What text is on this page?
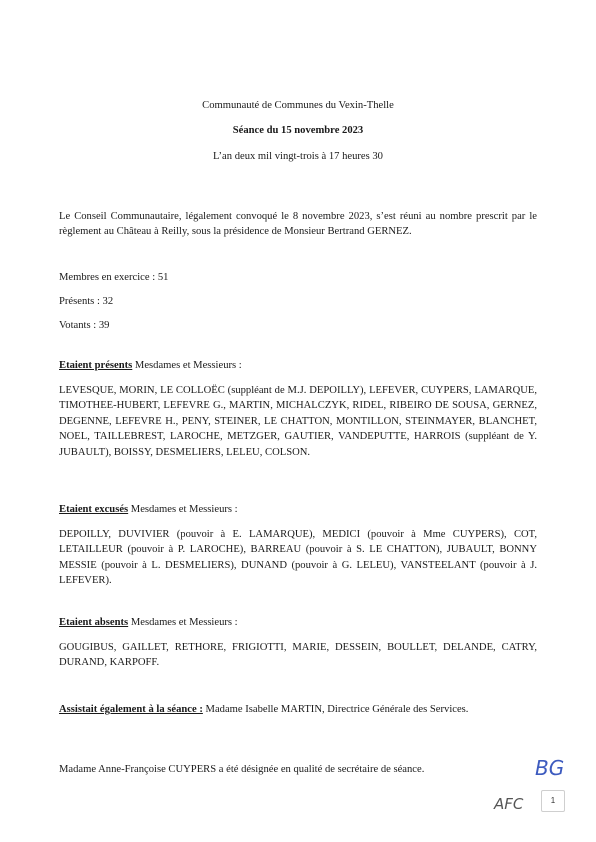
Communauté de Communes du Vexin-Thelle
Séance du 15 novembre 2023
L’an deux mil vingt-trois à 17 heures 30
Le Conseil Communautaire, légalement convoqué le 8 novembre 2023, s’est réuni au nombre prescrit par le règlement au Château à Reilly, sous la présidence de Monsieur Bertrand GERNEZ.
Membres en exercice : 51
Présents : 32
Votants : 39
Etaient présents Mesdames et Messieurs :
LEVESQUE, MORIN, LE COLLOËC (suppléant de M.J. DEPOILLY), LEFEVER, CUYPERS, LAMARQUE, TIMOTHEE-HUBERT, LEFEVRE G., MARTIN, MICHALCZYK, RIDEL, RIBEIRO DE SOUSA, GERNEZ, DEGENNE, LEFEVRE H., PENY, STEINER, LE CHATTON, MONTILLON, STEINMAYER, BLANCHET, NOEL, TAILLEBREST, LAROCHE, METZGER, GAUTIER, VANDEPUTTE, HARROIS (suppléant de Y. JUBAULT), BOISSY, DESMELIERS, LELEU, COLSON.
Etaient excusés Mesdames et Messieurs :
DEPOILLY, DUVIVIER (pouvoir à E. LAMARQUE), MEDICI (pouvoir à Mme CUYPERS), COT, LETAILLEUR (pouvoir à P. LAROCHE), BARREAU (pouvoir à S. LE CHATTON), JUBAULT, BONNY MESSIE (pouvoir à L. DESMELIERS), DUNAND (pouvoir à G. LELEU), VANSTEELANT (pouvoir à J. LEFEVER).
Etaient absents Mesdames et Messieurs :
GOUGIBUS, GAILLET, RETHORE, FRIGIOTTI, MARIE, DESSEIN, BOULLET, DELANDE, CATRY, DURAND, KARPOFF.
Assistait également à la séance : Madame Isabelle MARTIN, Directrice Générale des Services.
Madame Anne-Françoise CUYPERS a été désignée en qualité de secrétaire de séance.	BG
AFC	1
